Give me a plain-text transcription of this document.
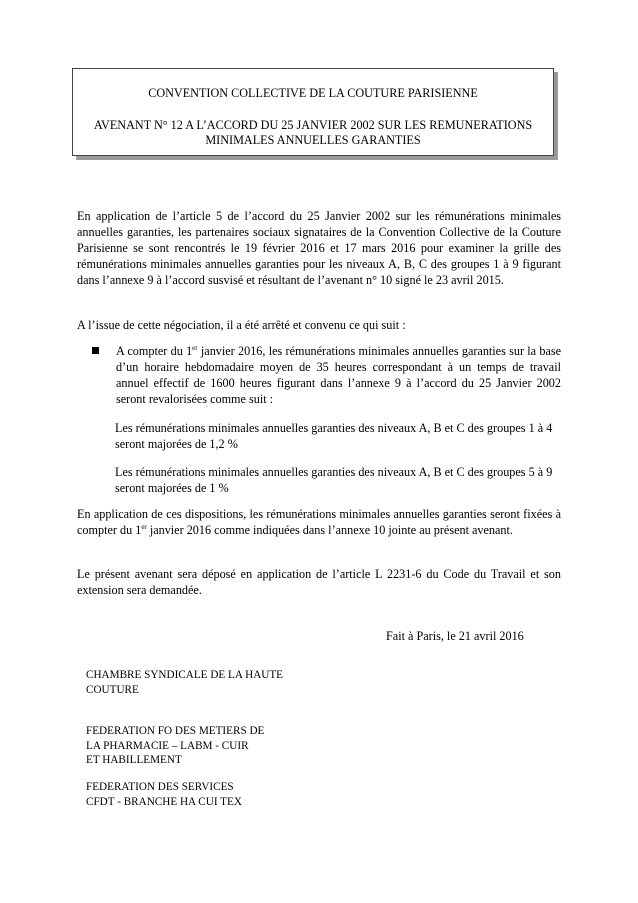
CONVENTION COLLECTIVE DE LA COUTURE PARISIENNE
AVENANT N° 12 A L’ACCORD DU 25 JANVIER 2002 SUR LES REMUNERATIONS MINIMALES ANNUELLES GARANTIES

En application de l’article 5 de l’accord du 25 Janvier 2002 sur les rémunérations minimales annuelles garanties, les partenaires sociaux signataires de la Convention Collective de la Couture Parisienne se sont rencontrés le 19 février 2016 et 17 mars 2016 pour examiner la grille des rémunérations minimales annuelles garanties pour les niveaux A, B, C des groupes 1 à 9 figurant dans l’annexe 9 à l’accord susvisé et résultant de l’avenant n° 10 signé le 23 avril 2015.

A l’issue de cette négociation, il a été arrêté et convenu ce qui suit :

A compter du 1er janvier 2016, les rémunérations minimales annuelles garanties sur la base d’un horaire hebdomadaire moyen de 35 heures correspondant à un temps de travail annuel effectif de 1600 heures figurant dans l’annexe 9 à l’accord du 25 Janvier 2002 seront revalorisées comme suit :

Les rémunérations minimales annuelles garanties des niveaux A, B et C des groupes 1 à 4 seront majorées de 1,2 %

Les rémunérations minimales annuelles garanties des niveaux A, B et C des groupes 5 à 9 seront majorées de 1 %

En application de ces dispositions, les rémunérations minimales annuelles garanties seront fixées à compter du 1er janvier 2016 comme indiquées dans l’annexe 10 jointe au présent avenant.

Le présent avenant sera déposé en application de l’article L 2231-6 du Code du Travail et son extension sera demandée.

Fait à Paris, le 21 avril 2016
CHAMBRE SYNDICALE DE LA HAUTE
COUTURE
FEDERATION FO DES METIERS DE
LA PHARMACIE – LABM - CUIR
ET HABILLEMENT
FEDERATION DES SERVICES
CFDT - BRANCHE HA CUI TEX
